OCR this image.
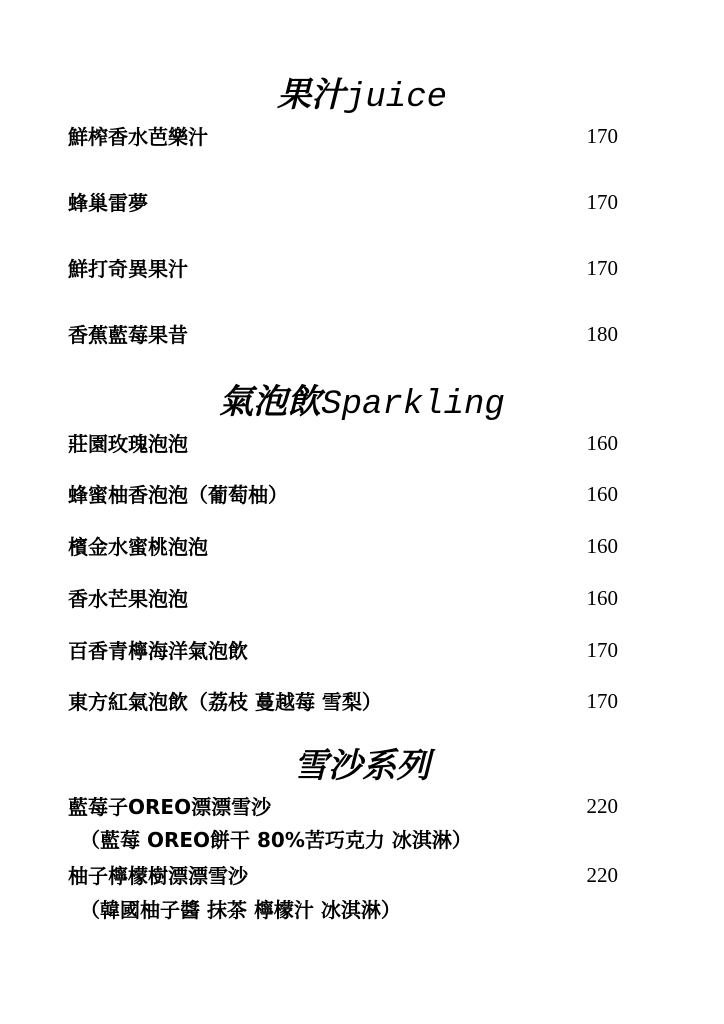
果汁juice
鮮榨香水芭樂汁	170
蜂巢雷夢	170
鮮打奇異果汁	170
香蕉藍莓果昔	180
氣泡飲Sparkling
莊園玫瑰泡泡	160
蜂蜜柚香泡泡（葡萄柚）	160
檳金水蜜桃泡泡	160
香水芒果泡泡	160
百香青檸海洋氣泡飲	170
東方紅氣泡飲（荔枝 蔓越莓 雪梨）	170
雪沙系列
藍莓子OREO漂漂雪沙	220
（藍莓 OREO餅干 80%苦巧克力 冰淇淋）
柚子檸檬樹漂漂雪沙	220
（韓國柚子醬 抹茶 檸檬汁 冰淇淋）
